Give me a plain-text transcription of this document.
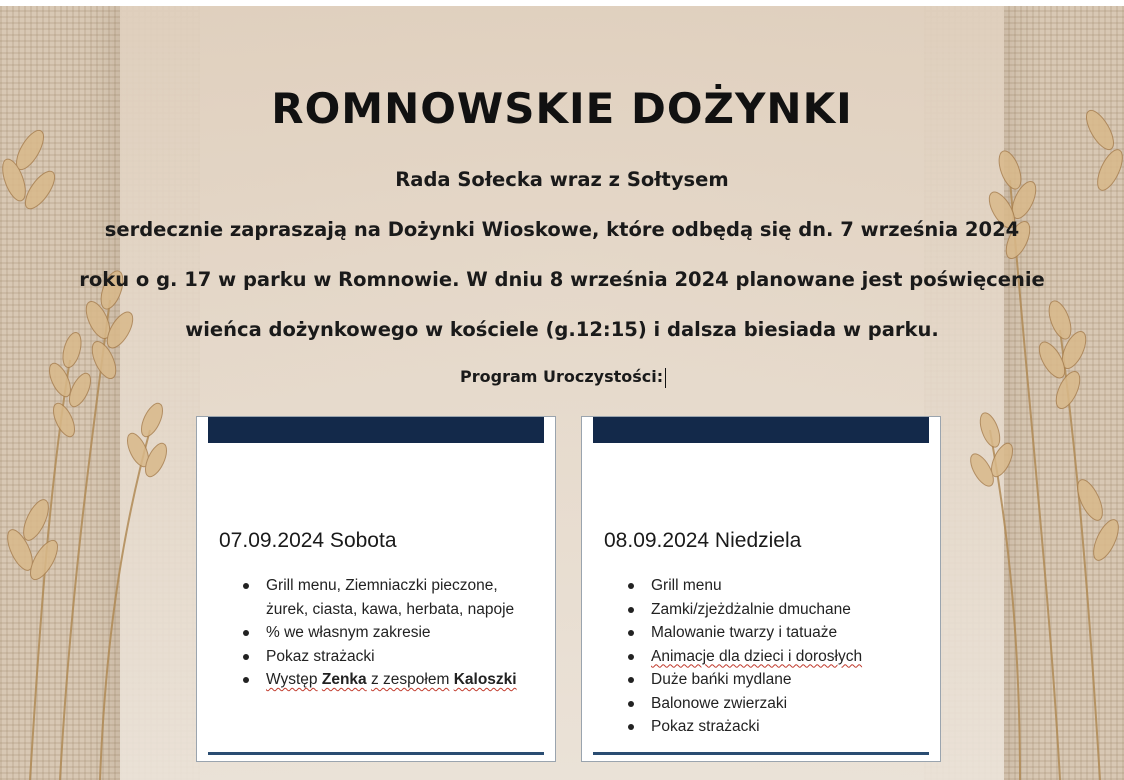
ROMNOWSKIE DOŻYNKI
Rada Sołecka wraz z Sołtysem
serdecznie zapraszają na Dożynki Wioskowe, które odbędą się dn. 7 września 2024
roku o g. 17 w parku w Romnowie. W dniu 8 września 2024 planowane jest poświęcenie
wieńca dożynkowego w kościele (g.12:15) i dalsza biesiada w parku.
Program Uroczystości:
07.09.2024 Sobota
Grill menu, Ziemniaczki pieczone, żurek, ciasta, kawa, herbata, napoje
% we własnym zakresie
Pokaz strażacki
Występ Zenka z zespołem Kaloszki
08.09.2024 Niedziela
Grill menu
Zamki/zjeżdżalnie dmuchane
Malowanie twarzy i tatuaże
Animacje dla dzieci i dorosłych
Duże bańki mydlane
Balonowe zwierzaki
Pokaz strażacki
